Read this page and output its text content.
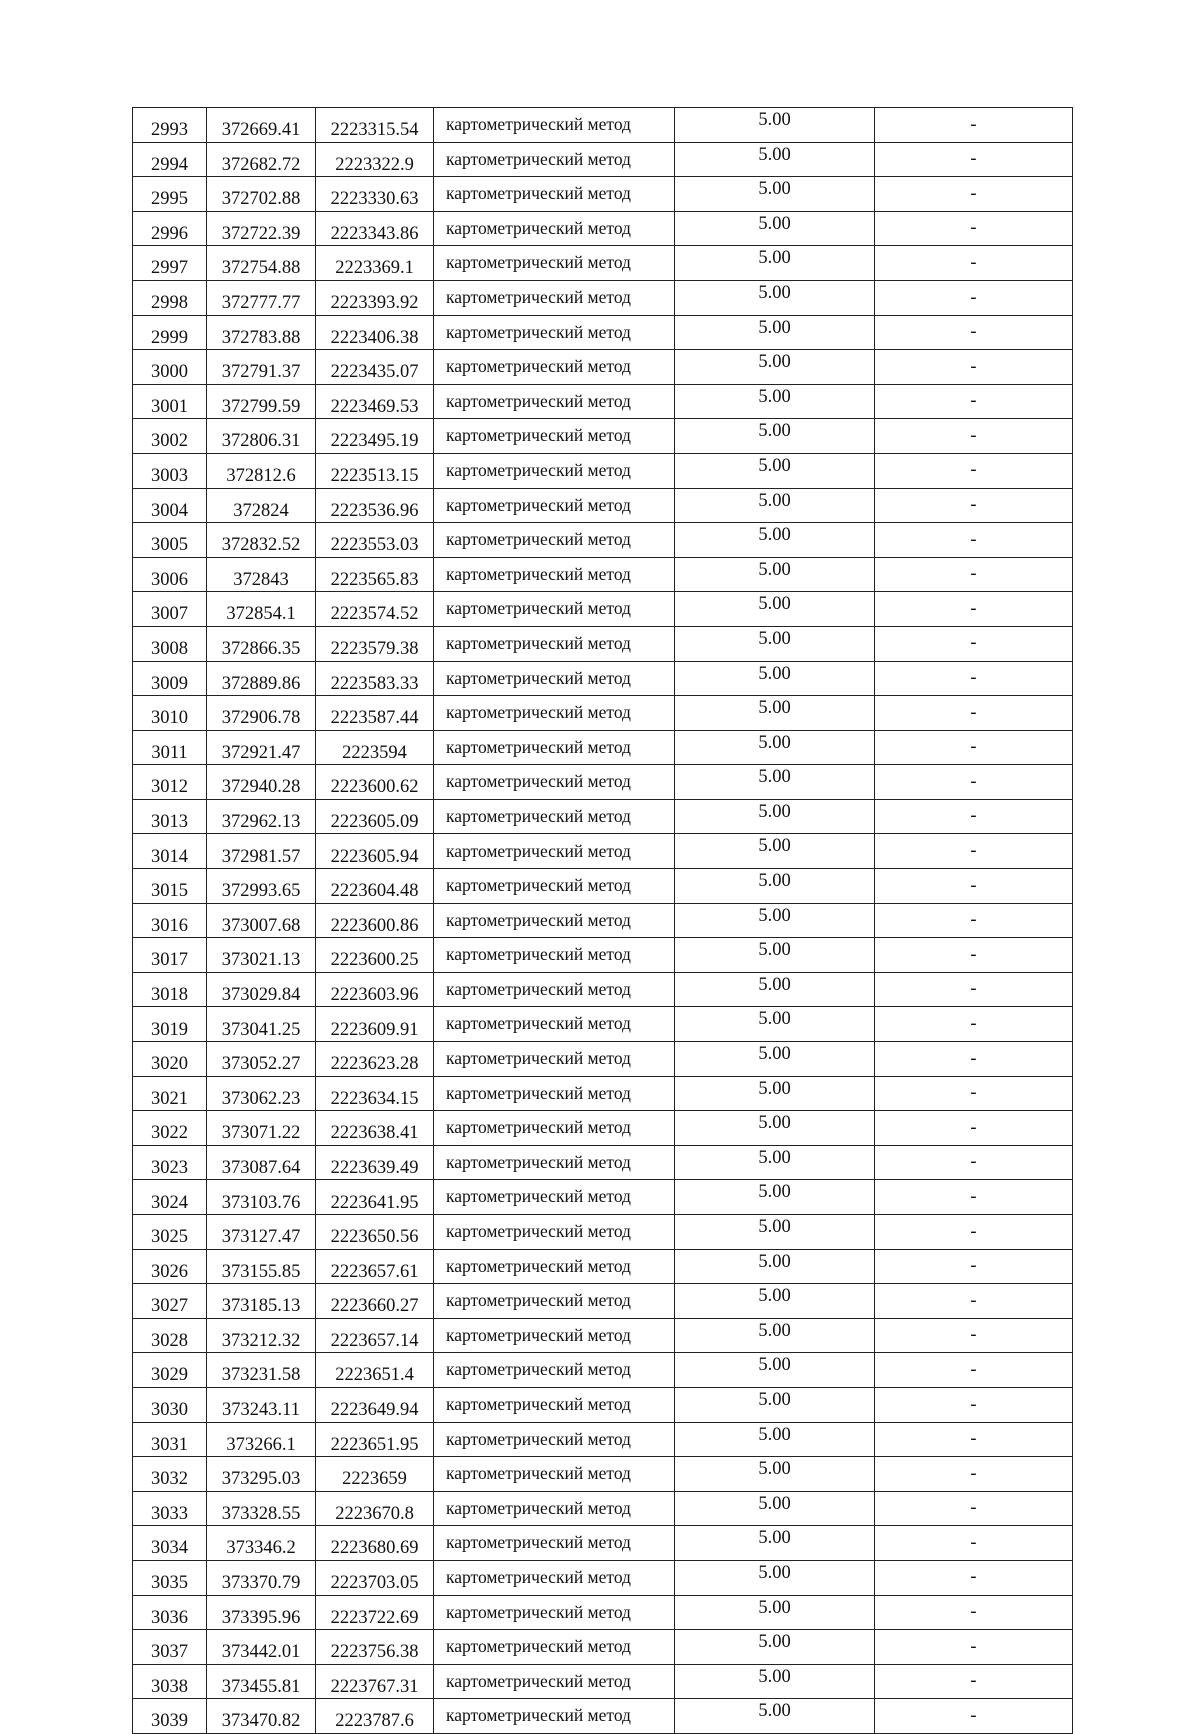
2993	372669.41	2223315.54	картометрический метод	5.00	-
2994	372682.72	2223322.9	картометрический метод	5.00	-
2995	372702.88	2223330.63	картометрический метод	5.00	-
2996	372722.39	2223343.86	картометрический метод	5.00	-
2997	372754.88	2223369.1	картометрический метод	5.00	-
2998	372777.77	2223393.92	картометрический метод	5.00	-
2999	372783.88	2223406.38	картометрический метод	5.00	-
3000	372791.37	2223435.07	картометрический метод	5.00	-
3001	372799.59	2223469.53	картометрический метод	5.00	-
3002	372806.31	2223495.19	картометрический метод	5.00	-
3003	372812.6	2223513.15	картометрический метод	5.00	-
3004	372824	2223536.96	картометрический метод	5.00	-
3005	372832.52	2223553.03	картометрический метод	5.00	-
3006	372843	2223565.83	картометрический метод	5.00	-
3007	372854.1	2223574.52	картометрический метод	5.00	-
3008	372866.35	2223579.38	картометрический метод	5.00	-
3009	372889.86	2223583.33	картометрический метод	5.00	-
3010	372906.78	2223587.44	картометрический метод	5.00	-
3011	372921.47	2223594	картометрический метод	5.00	-
3012	372940.28	2223600.62	картометрический метод	5.00	-
3013	372962.13	2223605.09	картометрический метод	5.00	-
3014	372981.57	2223605.94	картометрический метод	5.00	-
3015	372993.65	2223604.48	картометрический метод	5.00	-
3016	373007.68	2223600.86	картометрический метод	5.00	-
3017	373021.13	2223600.25	картометрический метод	5.00	-
3018	373029.84	2223603.96	картометрический метод	5.00	-
3019	373041.25	2223609.91	картометрический метод	5.00	-
3020	373052.27	2223623.28	картометрический метод	5.00	-
3021	373062.23	2223634.15	картометрический метод	5.00	-
3022	373071.22	2223638.41	картометрический метод	5.00	-
3023	373087.64	2223639.49	картометрический метод	5.00	-
3024	373103.76	2223641.95	картометрический метод	5.00	-
3025	373127.47	2223650.56	картометрический метод	5.00	-
3026	373155.85	2223657.61	картометрический метод	5.00	-
3027	373185.13	2223660.27	картометрический метод	5.00	-
3028	373212.32	2223657.14	картометрический метод	5.00	-
3029	373231.58	2223651.4	картометрический метод	5.00	-
3030	373243.11	2223649.94	картометрический метод	5.00	-
3031	373266.1	2223651.95	картометрический метод	5.00	-
3032	373295.03	2223659	картометрический метод	5.00	-
3033	373328.55	2223670.8	картометрический метод	5.00	-
3034	373346.2	2223680.69	картометрический метод	5.00	-
3035	373370.79	2223703.05	картометрический метод	5.00	-
3036	373395.96	2223722.69	картометрический метод	5.00	-
3037	373442.01	2223756.38	картометрический метод	5.00	-
3038	373455.81	2223767.31	картометрический метод	5.00	-
3039	373470.82	2223787.6	картометрический метод	5.00	-
